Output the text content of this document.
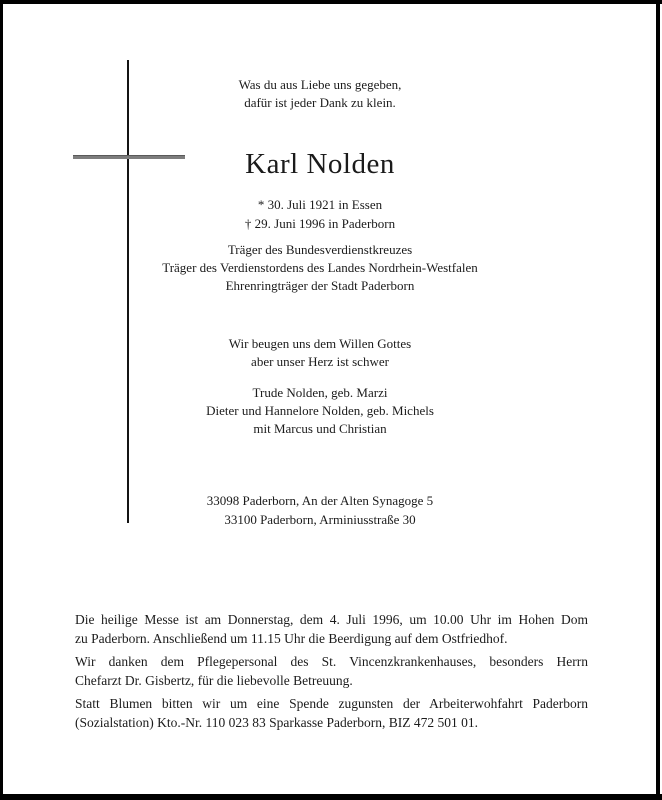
Was du aus Liebe uns gegeben,
dafür ist jeder Dank zu klein.
Karl Nolden
* 30. Juli 1921 in Essen
† 29. Juni 1996 in Paderborn
Träger des Bundesverdienstkreuzes
Träger des Verdienstordens des Landes Nordrhein-Westfalen
Ehrenringträger der Stadt Paderborn
Wir beugen uns dem Willen Gottes
aber unser Herz ist schwer
Trude Nolden, geb. Marzi
Dieter und Hannelore Nolden, geb. Michels
mit Marcus und Christian
33098 Paderborn, An der Alten Synagoge 5
33100 Paderborn, Arminiusstraße 30
Die heilige Messe ist am Donnerstag, dem 4. Juli 1996, um 10.00 Uhr im Hohen Dom
zu Paderborn. Anschließend um 11.15 Uhr die Beerdigung auf dem Ostfriedhof.
Wir danken dem Pflegepersonal des St. Vincenzkrankenhauses, besonders Herrn
Chefarzt Dr. Gisbertz, für die liebevolle Betreuung.
Statt Blumen bitten wir um eine Spende zugunsten der Arbeiterwohfahrt Paderborn
(Sozialstation) Kto.-Nr. 110 023 83 Sparkasse Paderborn, BIZ 472 501 01.
